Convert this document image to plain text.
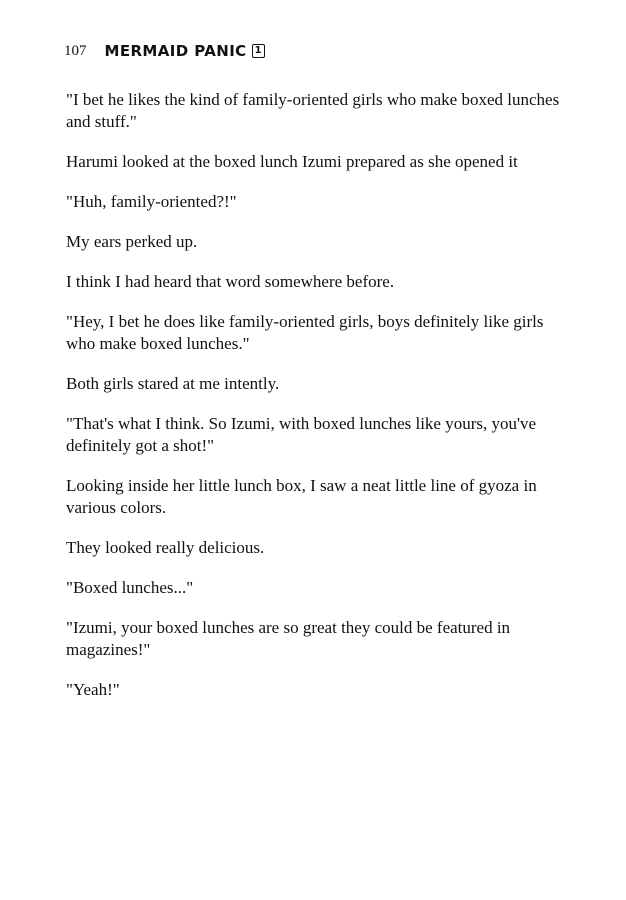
107 MERMAID PANIC 1

"I bet he likes the kind of family-oriented girls who make boxed lunches and stuff."

Harumi looked at the boxed lunch Izumi prepared as she opened it

"Huh, family-oriented?!"

My ears perked up.

I think I had heard that word somewhere before.

"Hey, I bet he does like family-oriented girls, boys definitely like girls who make boxed lunches."

Both girls stared at me intently.

"That's what I think. So Izumi, with boxed lunches like yours, you've definitely got a shot!"

Looking inside her little lunch box, I saw a neat little line of gyoza in various colors.

They looked really delicious.

"Boxed lunches..."

"Izumi, your boxed lunches are so great they could be featured in magazines!"

"Yeah!"
